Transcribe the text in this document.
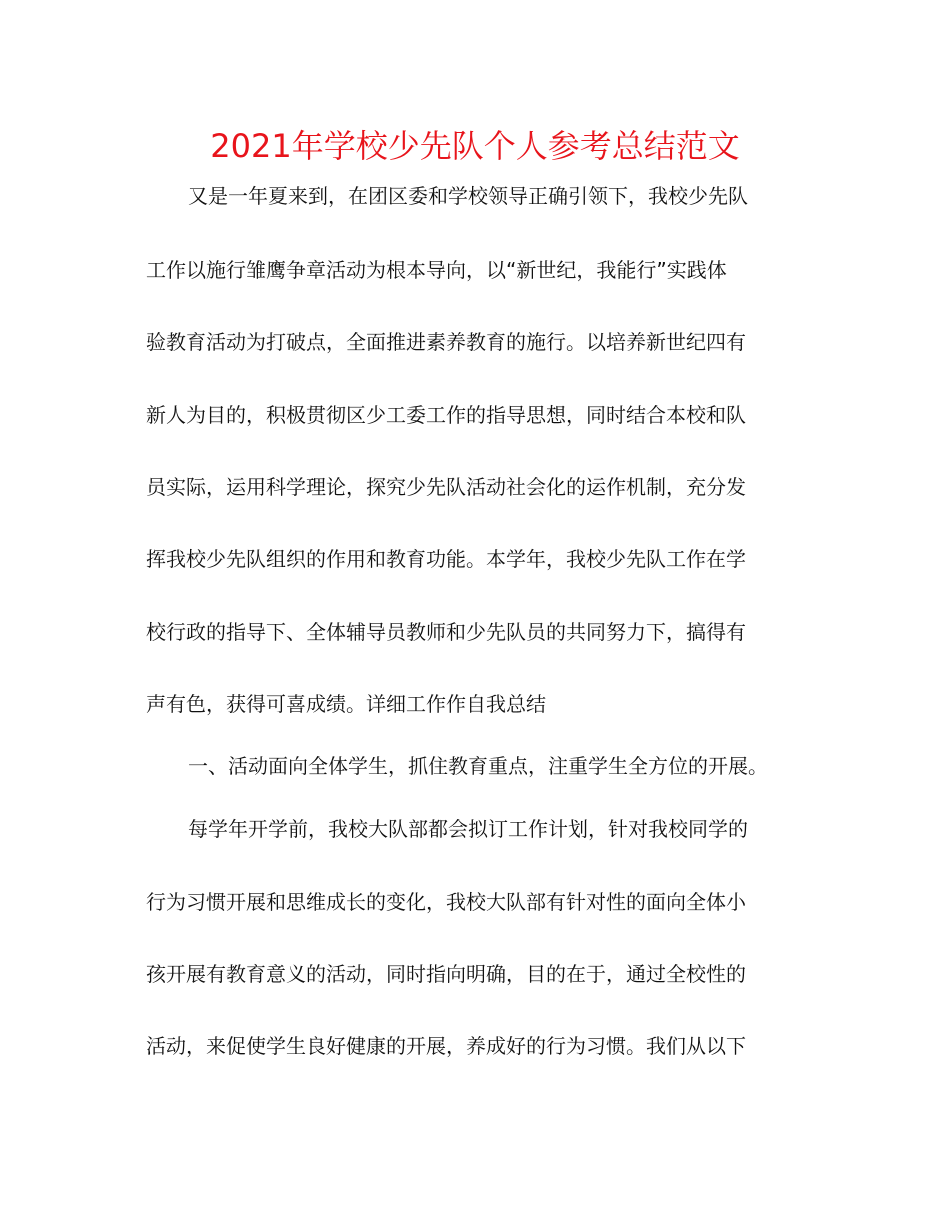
2021年学校少先队个人参考总结范文
又是一年夏来到，在团区委和学校领导正确引领下，我校少先队
工作以施行雏鹰争章活动为根本导向，以“新世纪，我能行”实践体
验教育活动为打破点，全面推进素养教育的施行。以培养新世纪四有
新人为目的，积极贯彻区少工委工作的指导思想，同时结合本校和队
员实际，运用科学理论，探究少先队活动社会化的运作机制，充分发
挥我校少先队组织的作用和教育功能。本学年，我校少先队工作在学
校行政的指导下、全体辅导员教师和少先队员的共同努力下，搞得有
声有色，获得可喜成绩。详细工作作自我总结
一、活动面向全体学生，抓住教育重点，注重学生全方位的开展。
每学年开学前，我校大队部都会拟订工作计划，针对我校同学的
行为习惯开展和思维成长的变化，我校大队部有针对性的面向全体小
孩开展有教育意义的活动，同时指向明确，目的在于，通过全校性的
活动，来促使学生良好健康的开展，养成好的行为习惯。我们从以下
